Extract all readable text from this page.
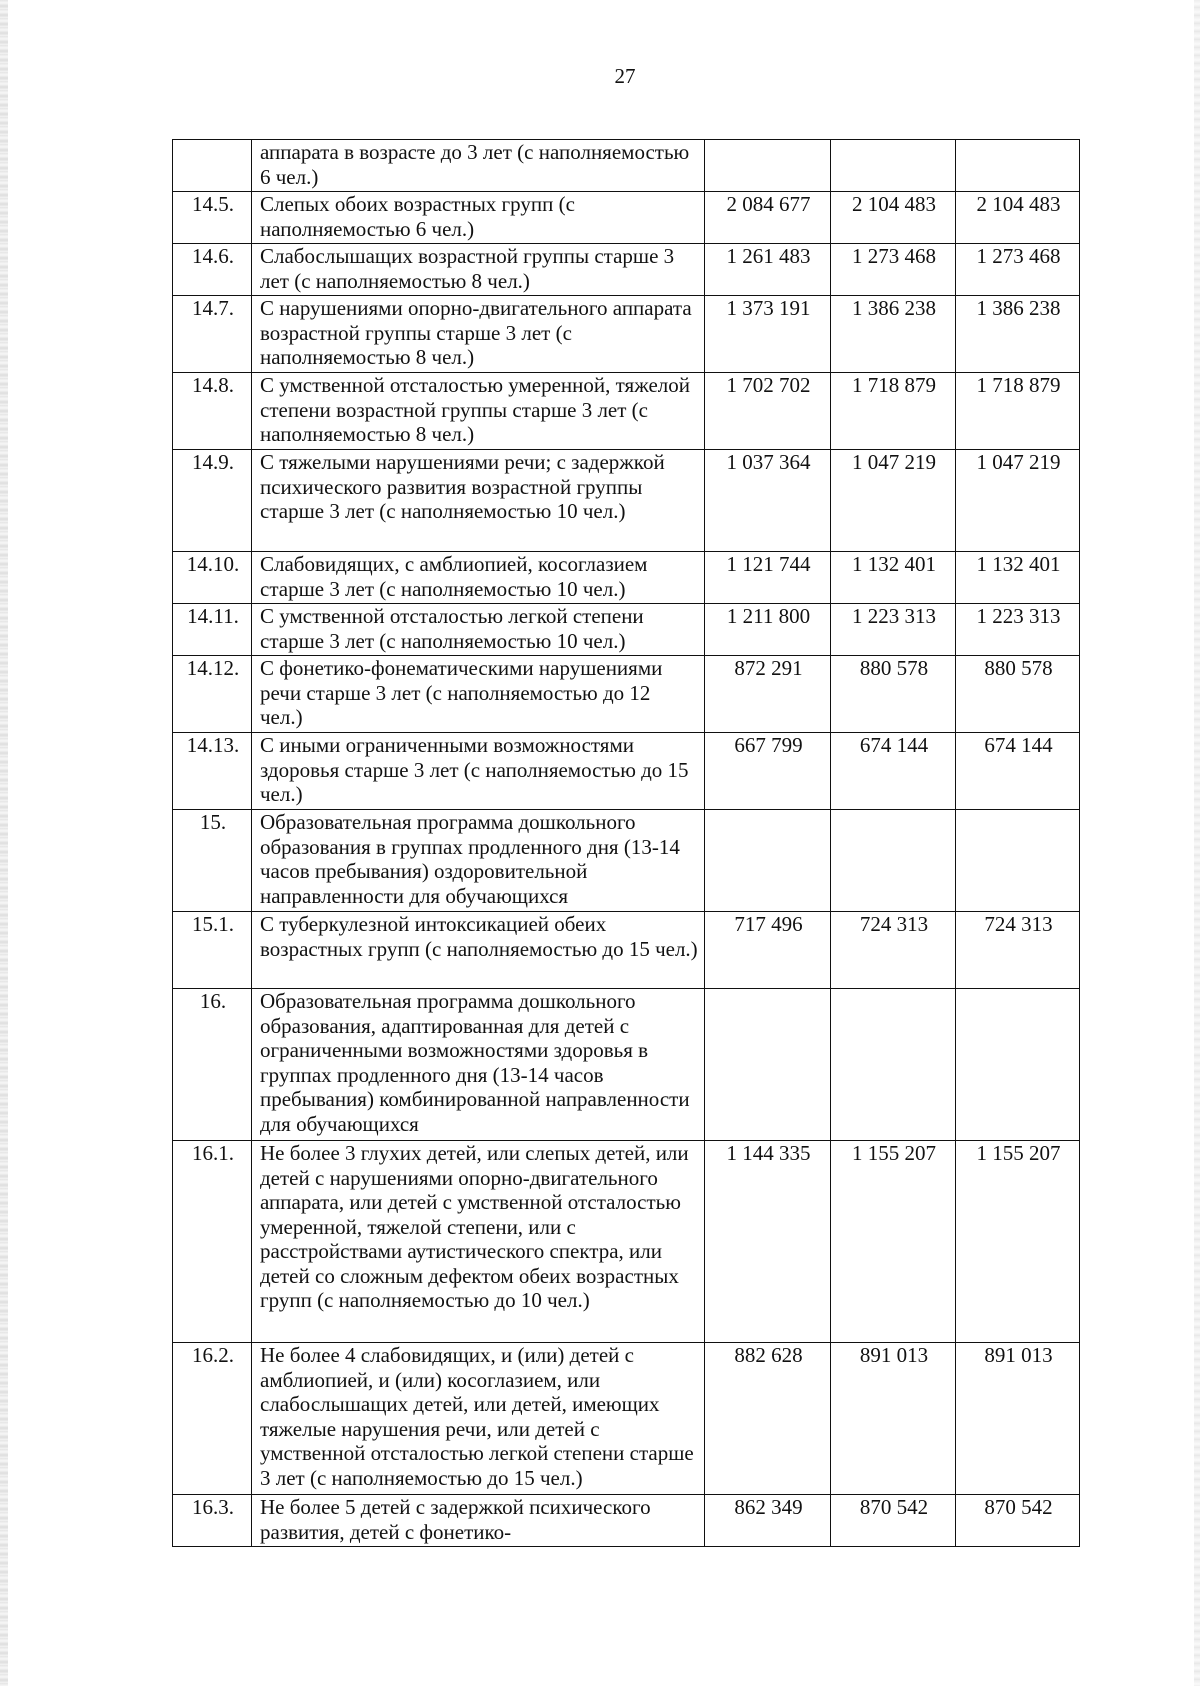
27
	аппарата в возрасте до 3 лет (с наполняемостью 6 чел.)			
14.5.	Слепых обоих возрастных групп (с наполняемостью 6 чел.)	2 084 677	2 104 483	2 104 483
14.6.	Слабослышащих возрастной группы старше 3 лет (с наполняемостью 8 чел.)	1 261 483	1 273 468	1 273 468
14.7.	С нарушениями опорно-двигательного аппарата возрастной группы старше 3 лет (с наполняемостью 8 чел.)	1 373 191	1 386 238	1 386 238
14.8.	С умственной отсталостью умеренной, тяжелой степени возрастной группы старше 3 лет (с наполняемостью 8 чел.)	1 702 702	1 718 879	1 718 879
14.9.	С тяжелыми нарушениями речи; с задержкой психического развития возрастной группы старше 3 лет (с наполняемостью 10 чел.)	1 037 364	1 047 219	1 047 219
14.10.	Слабовидящих, с амблиопией, косоглазием старше 3 лет (с наполняемостью 10 чел.)	1 121 744	1 132 401	1 132 401
14.11.	С умственной отсталостью легкой степени старше 3 лет (с наполняемостью 10 чел.)	1 211 800	1 223 313	1 223 313
14.12.	С фонетико-фонематическими нарушениями речи старше 3 лет (с наполняемостью до 12 чел.)	872 291	880 578	880 578
14.13.	С иными ограниченными возможностями здоровья старше 3 лет (с наполняемостью до 15 чел.)	667 799	674 144	674 144
15.	Образовательная программа дошкольного образования в группах продленного дня (13-14 часов пребывания) оздоровительной направленности для обучающихся			
15.1.	С туберкулезной интоксикацией обеих возрастных групп (с наполняемостью до 15 чел.)	717 496	724 313	724 313
16.	Образовательная программа дошкольного образования, адаптированная для детей с ограниченными возможностями здоровья в группах продленного дня (13-14 часов пребывания) комбинированной направленности для обучающихся			
16.1.	Не более 3 глухих детей, или слепых детей, или детей с нарушениями опорно-двигательного аппарата, или детей с умственной отсталостью умеренной, тяжелой степени, или с расстройствами аутистического спектра, или детей со сложным дефектом обеих возрастных групп (с наполняемостью до 10 чел.)	1 144 335	1 155 207	1 155 207
16.2.	Не более 4 слабовидящих, и (или) детей с амблиопией, и (или) косоглазием, или слабослышащих детей, или детей, имеющих тяжелые нарушения речи, или детей с умственной отсталостью легкой степени старше 3 лет (с наполняемостью до 15 чел.)	882 628	891 013	891 013
16.3.	Не более 5 детей с задержкой психического развития, детей с фонетико-	862 349	870 542	870 542
